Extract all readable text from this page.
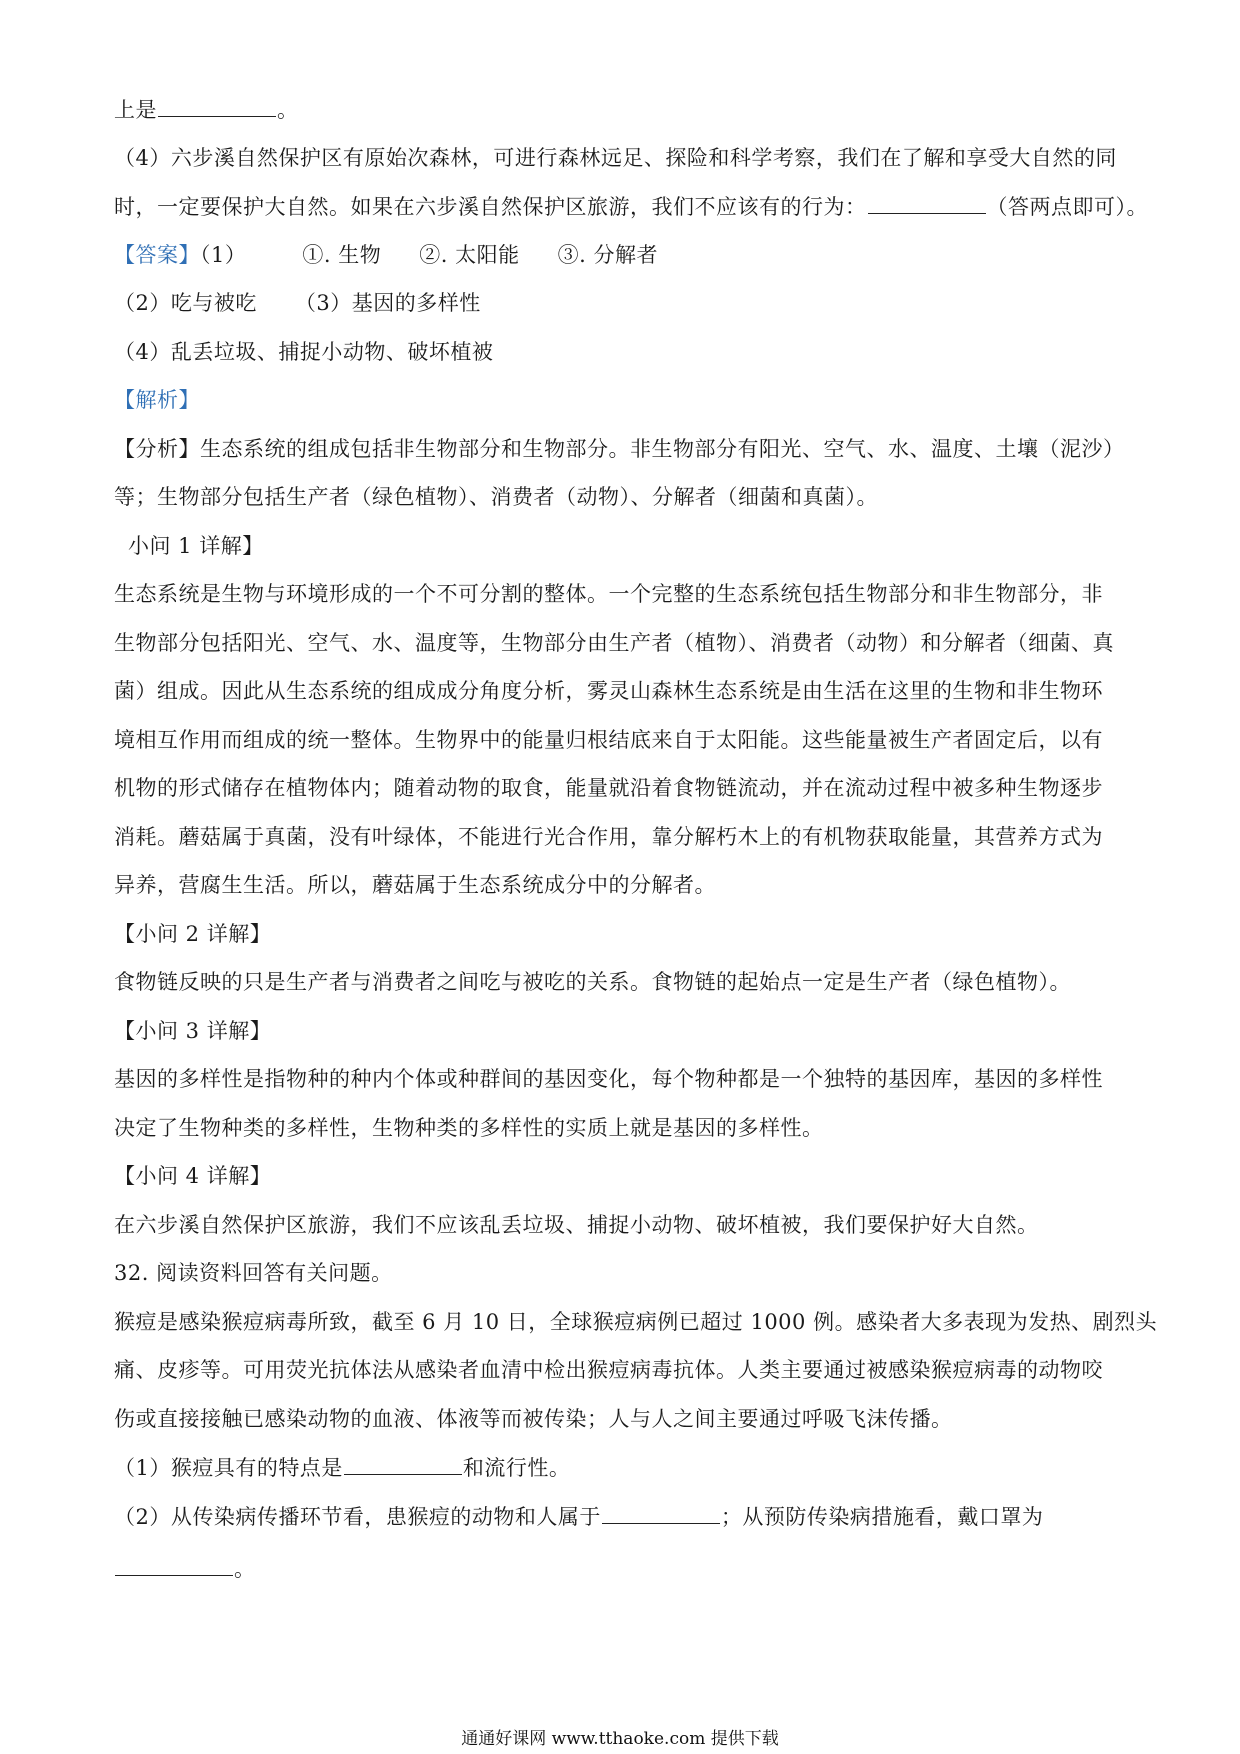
上是	。
（4）六步溪自然保护区有原始次森林，可进行森林远足、探险和科学考察，我们在了解和享受大自然的同
时，一定要保护大自然。如果在六步溪自然保护区旅游，我们不应该有的行为：	（答两点即可）。
【答案】（1）	①. 生物 ②. 太阳能 ③. 分解者
（2）吃与被吃 （3）基因的多样性
（4）乱丢垃圾、捕捉小动物、破坏植被
【解析】
【分析】生态系统的组成包括非生物部分和生物部分。非生物部分有阳光、空气、水、温度、土壤（泥沙）
等；生物部分包括生产者（绿色植物）、消费者（动物）、分解者（细菌和真菌）。
小问 1 详解】
生态系统是生物与环境形成的一个不可分割的整体。一个完整的生态系统包括生物部分和非生物部分，非
生物部分包括阳光、空气、水、温度等，生物部分由生产者（植物）、消费者（动物）和分解者（细菌、真
菌）组成。因此从生态系统的组成成分角度分析，雾灵山森林生态系统是由生活在这里的生物和非生物环
境相互作用而组成的统一整体。生物界中的能量归根结底来自于太阳能。这些能量被生产者固定后，以有
机物的形式储存在植物体内；随着动物的取食，能量就沿着食物链流动，并在流动过程中被多种生物逐步
消耗。蘑菇属于真菌，没有叶绿体，不能进行光合作用，靠分解朽木上的有机物获取能量，其营养方式为
异养，营腐生生活。所以，蘑菇属于生态系统成分中的分解者。
【小问 2 详解】
食物链反映的只是生产者与消费者之间吃与被吃的关系。食物链的起始点一定是生产者（绿色植物）。
【小问 3 详解】
基因的多样性是指物种的种内个体或种群间的基因变化，每个物种都是一个独特的基因库，基因的多样性
决定了生物种类的多样性，生物种类的多样性的实质上就是基因的多样性。
【小问 4 详解】
在六步溪自然保护区旅游，我们不应该乱丢垃圾、捕捉小动物、破坏植被，我们要保护好大自然。
32. 阅读资料回答有关问题。
猴痘是感染猴痘病毒所致，截至 6 月 10 日，全球猴痘病例已超过 1000 例。感染者大多表现为发热、剧烈头
痛、皮疹等。可用荧光抗体法从感染者血清中检出猴痘病毒抗体。人类主要通过被感染猴痘病毒的动物咬
伤或直接接触已感染动物的血液、体液等而被传染；人与人之间主要通过呼吸飞沫传播。
（1）猴痘具有的特点是	和流行性。
（2）从传染病传播环节看，患猴痘的动物和人属于	；从预防传染病措施看，戴口罩为
。
通通好课网 www.tthaoke.com 提供下载
